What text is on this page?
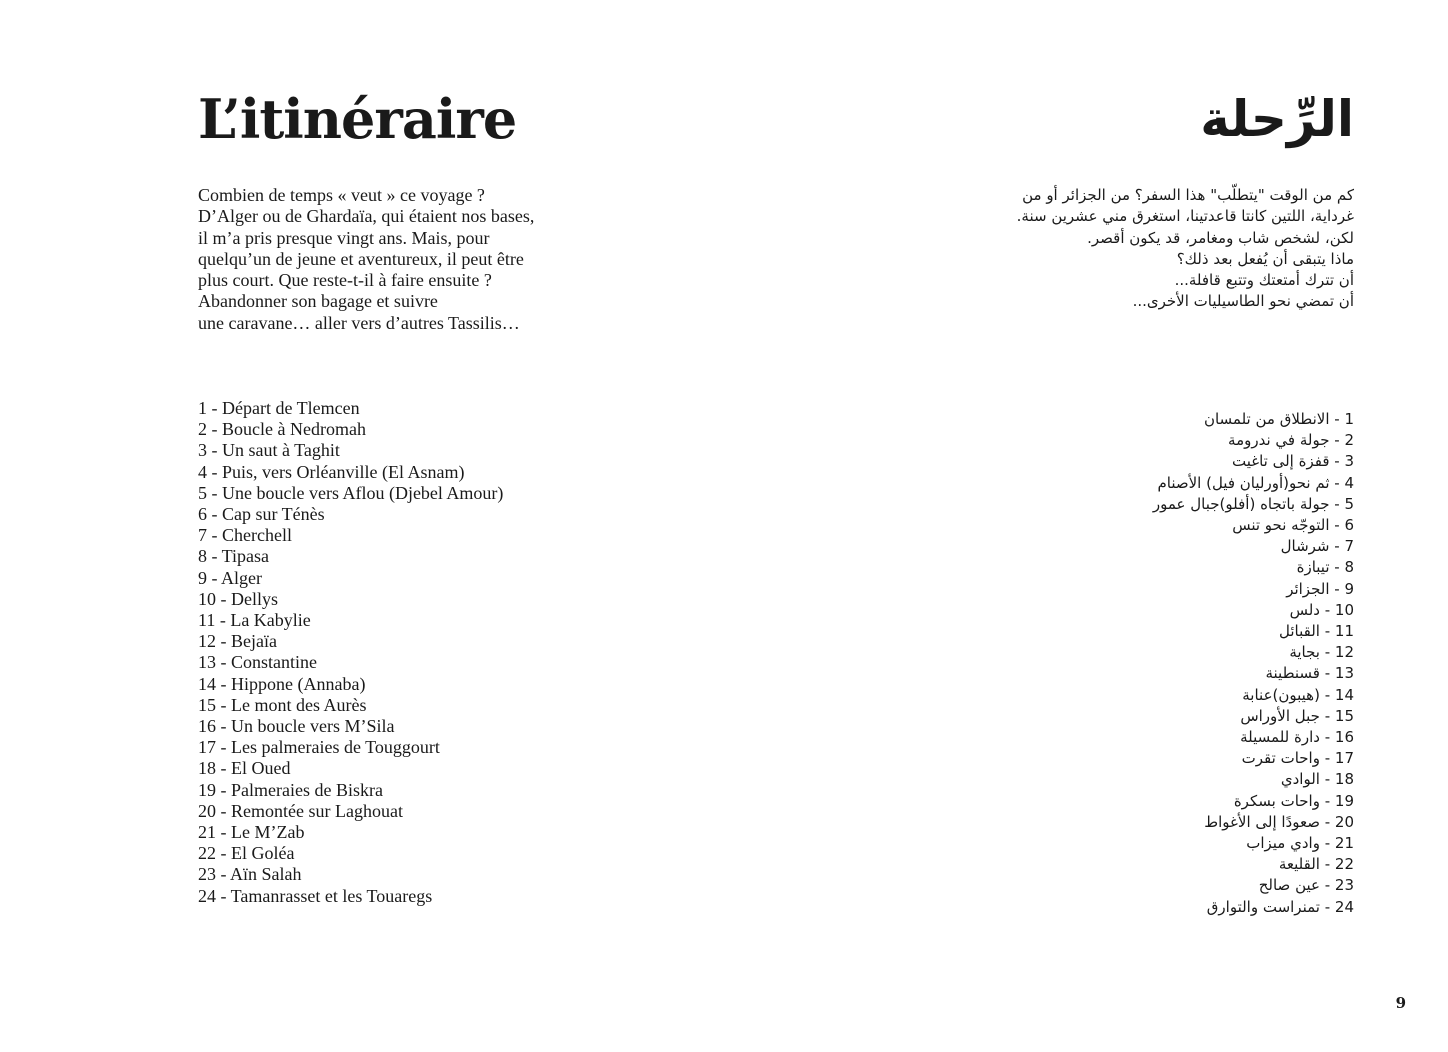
L’itinéraire	الرِّحلة
Combien de temps « veut » ce voyage ?
D’Alger ou de Ghardaïa, qui étaient nos bases,
il m’a pris presque vingt ans. Mais, pour
quelqu’un de jeune et aventureux, il peut être
plus court. Que reste-t-il à faire ensuite ?
Abandonner son bagage et suivre
une caravane… aller vers d’autres Tassilis…
كم من الوقت "يتطلّب" هذا السفر؟ من الجزائر أو من
غرداية، اللتين كانتا قاعدتينا، استغرق مني عشرين سنة.
لكن، لشخص شاب ومغامر، قد يكون أقصر.
ماذا يتبقى أن يُفعل بعد ذلك؟
أن تترك أمتعتك وتتبع قافلة...
أن تمضي نحو الطاسيليات الأخرى...
1 - Départ de Tlemcen
2 - Boucle à Nedromah
3 - Un saut à Taghit
4 - Puis, vers Orléanville (El Asnam)
5 - Une boucle vers Aflou (Djebel Amour)
6 - Cap sur Ténès
7 - Cherchell
8 - Tipasa
9 - Alger
10 - Dellys
11 - La Kabylie
12 - Bejaïa
13 - Constantine
14 - Hippone (Annaba)
15 - Le mont des Aurès
16 - Un boucle vers M’Sila
17 - Les palmeraies de Touggourt
18 - El Oued
19 - Palmeraies de Biskra
20 - Remontée sur Laghouat
21 - Le M’Zab
22 - El Goléa
23 - Aïn Salah
24 - Tamanrasset et les Touaregs
1 - الانطلاق من تلمسان
2 - جولة في ندرومة
3 - قفزة إلى تاغيت
4 - ثم نحو(أورليان فيل) الأصنام
5 - جولة باتجاه (أفلو)جبال عمور
6 - التوجّه نحو تنس
7 - شرشال
8 - تيبازة
9 - الجزائر
10 - دلس
11 - القبائل
12 - بجاية
13 - قسنطينة
14 - (هيبون)عنابة
15 - جبل الأوراس
16 - دارة للمسيلة
17 - واحات تقرت
18 - الوادي
19 - واحات بسكرة
20 - صعودًا إلى الأغواط
21 - وادي ميزاب
22 - القليعة
23 - عين صالح
24 - تمنراست والتوارق
9
